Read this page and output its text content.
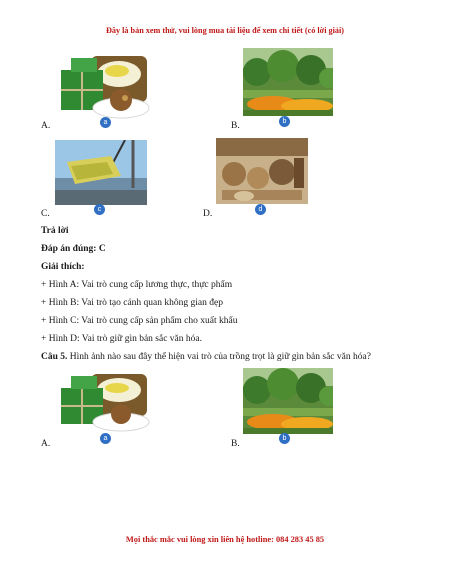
Đây là bản xem thử, vui lòng mua tài liệu để xem chi tiết (có lời giải)
a
A.	b
B.
c
C.	d
D.
Trả lời
Đáp án đúng: C
Giải thích:
+ Hình A: Vai trò cung cấp lương thực, thực phẩm
+ Hình B: Vai trò tạo cảnh quan không gian đẹp
+ Hình C: Vai trò cung cấp sản phẩm cho xuất khẩu
+ Hình D: Vai trò giữ gìn bản sắc văn hóa.
Câu 5. Hình ảnh nào sau đây thể hiện vai trò của trồng trọt là giữ gìn bản sắc văn hóa?
a
A.
b
B.
Mọi thắc mắc vui lòng xin liên hệ hotline: 084 283 45 85
